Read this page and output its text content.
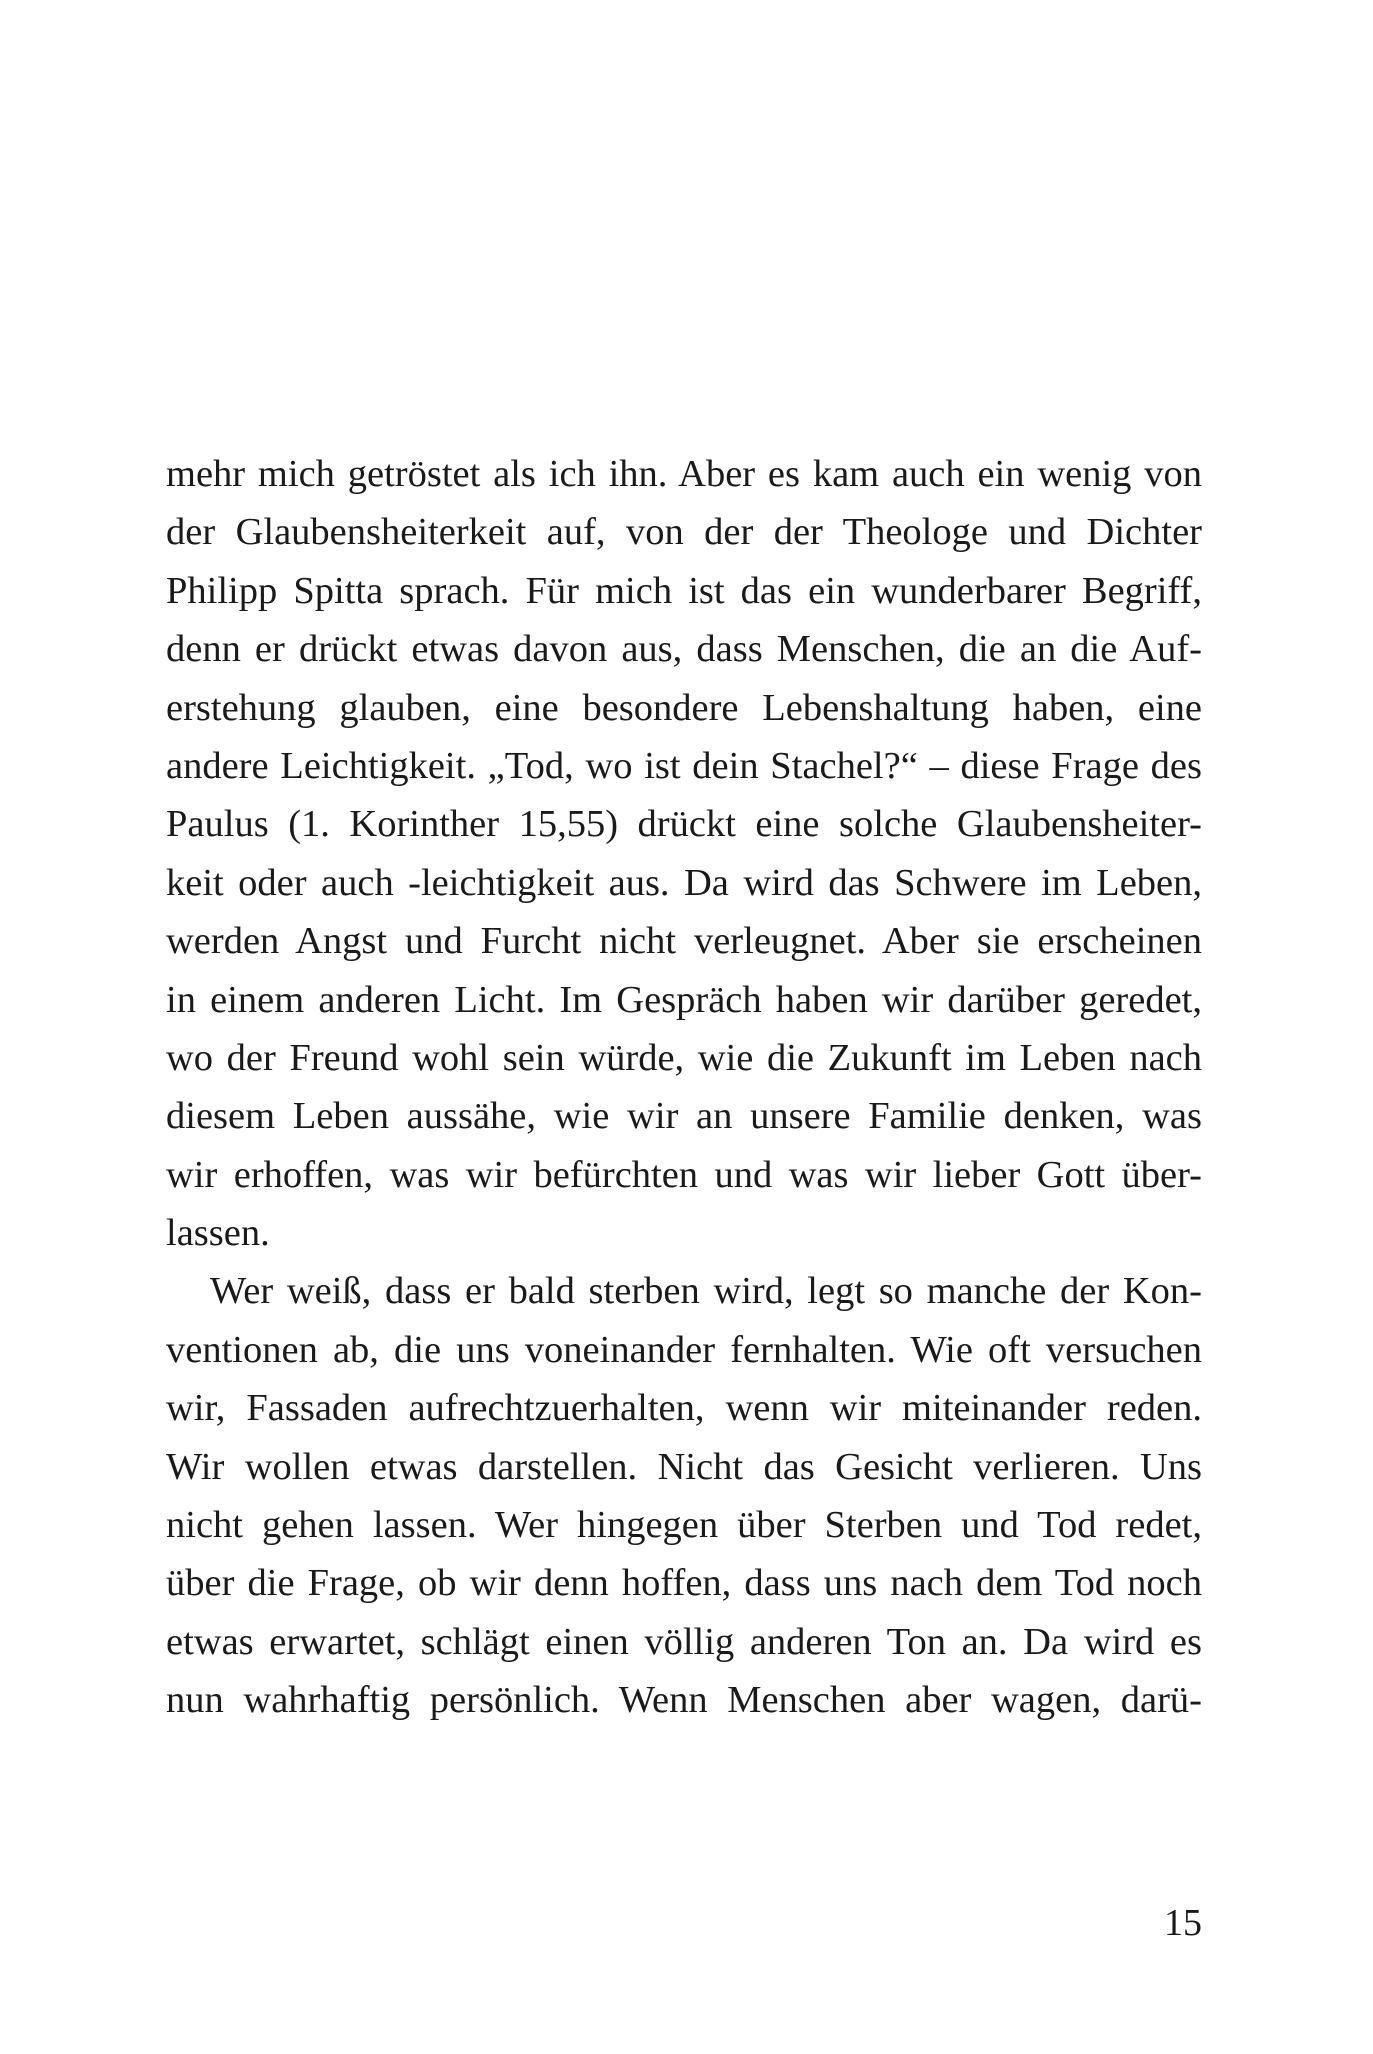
mehr mich getröstet als ich ihn. Aber es kam auch ein wenig von
der Glaubensheiterkeit auf, von der der Theologe und Dichter
Philipp Spitta sprach. Für mich ist das ein wunderbarer Begriff,
denn er drückt etwas davon aus, dass Menschen, die an die Auf-
erstehung glauben, eine besondere Lebenshaltung haben, eine
andere Leichtigkeit. „Tod, wo ist dein Stachel?“ – diese Frage des
Paulus (1. Korinther 15,55) drückt eine solche Glaubensheiter-
keit oder auch -leichtigkeit aus. Da wird das Schwere im Leben,
werden Angst und Furcht nicht verleugnet. Aber sie erscheinen
in einem anderen Licht. Im Gespräch haben wir darüber geredet,
wo der Freund wohl sein würde, wie die Zukunft im Leben nach
diesem Leben aussähe, wie wir an unsere Familie denken, was
wir erhoffen, was wir befürchten und was wir lieber Gott über-
lassen.
Wer weiß, dass er bald sterben wird, legt so manche der Kon-
ventionen ab, die uns voneinander fernhalten. Wie oft versuchen
wir, Fassaden aufrechtzuerhalten, wenn wir miteinander reden.
Wir wollen etwas darstellen. Nicht das Gesicht verlieren. Uns
nicht gehen lassen. Wer hingegen über Sterben und Tod redet,
über die Frage, ob wir denn hoffen, dass uns nach dem Tod noch
etwas erwartet, schlägt einen völlig anderen Ton an. Da wird es
nun wahrhaftig persönlich. Wenn Menschen aber wagen, darü-
15
